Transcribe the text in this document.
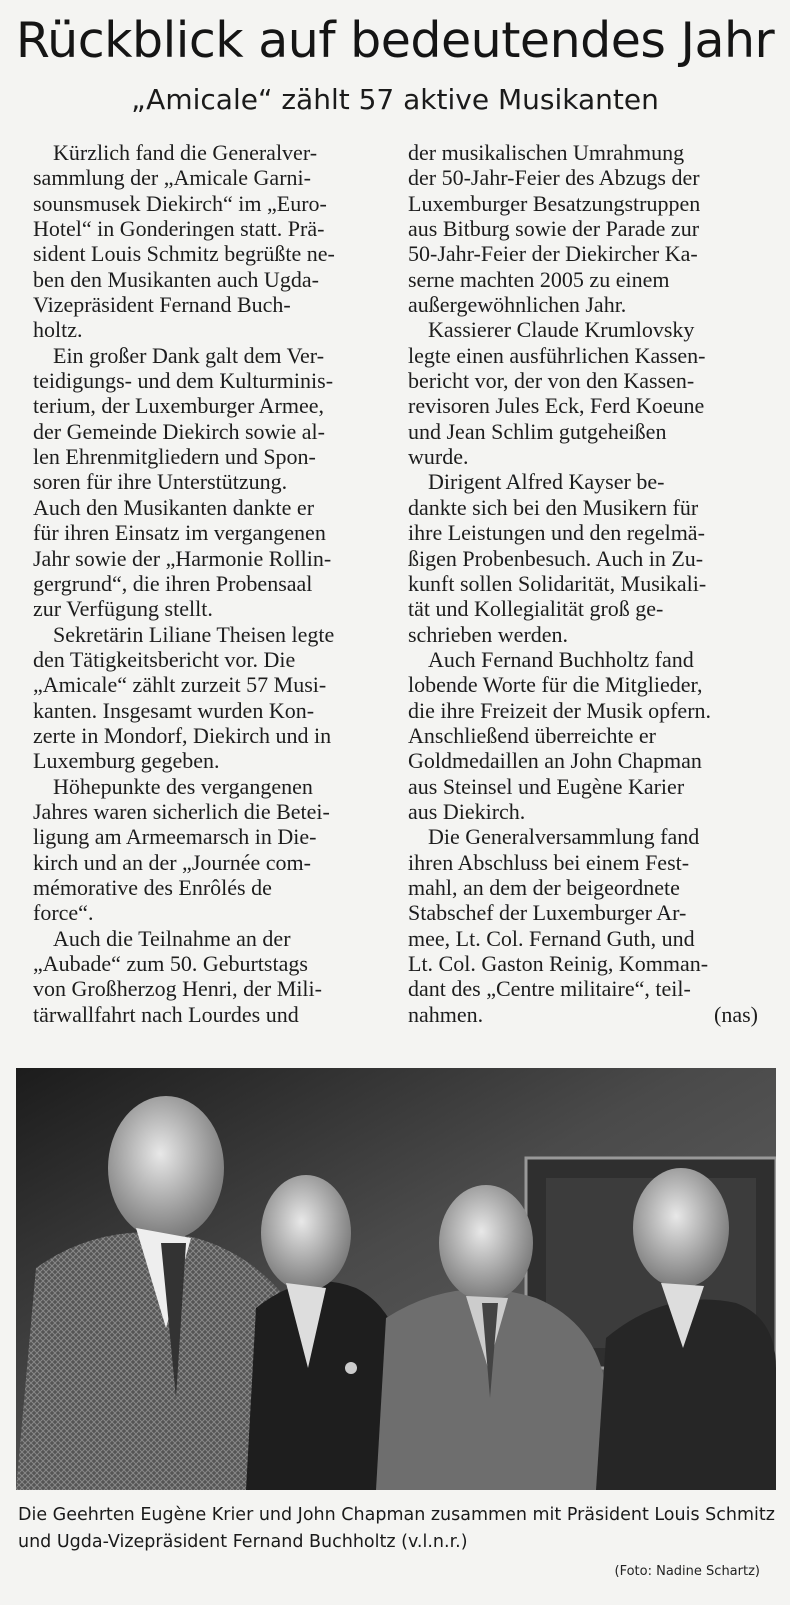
Rückblick auf bedeutendes Jahr
„Amicale“ zählt 57 aktive Musikanten
Kürzlich fand die Generalver-
sammlung der „Amicale Garni-
sounsmusek Diekirch“ im „Euro-
Hotel“ in Gonderingen statt. Prä-
sident Louis Schmitz begrüßte ne-
ben den Musikanten auch Ugda-
Vizepräsident Fernand Buch-
holtz.
Ein großer Dank galt dem Ver-
teidigungs- und dem Kulturminis-
terium, der Luxemburger Armee,
der Gemeinde Diekirch sowie al-
len Ehrenmitgliedern und Spon-
soren für ihre Unterstützung.
Auch den Musikanten dankte er
für ihren Einsatz im vergangenen
Jahr sowie der „Harmonie Rollin-
gergrund“, die ihren Probensaal
zur Verfügung stellt.
Sekretärin Liliane Theisen legte
den Tätigkeitsbericht vor. Die
„Amicale“ zählt zurzeit 57 Musi-
kanten. Insgesamt wurden Kon-
zerte in Mondorf, Diekirch und in
Luxemburg gegeben.
Höhepunkte des vergangenen
Jahres waren sicherlich die Betei-
ligung am Armeemarsch in Die-
kirch und an der „Journée com-
mémorative des Enrôlés de
force“.
Auch die Teilnahme an der
„Aubade“ zum 50. Geburtstags
von Großherzog Henri, der Mili-
tärwallfahrt nach Lourdes und
der musikalischen Umrahmung
der 50-Jahr-Feier des Abzugs der
Luxemburger Besatzungstruppen
aus Bitburg sowie der Parade zur
50-Jahr-Feier der Diekircher Ka-
serne machten 2005 zu einem
außergewöhnlichen Jahr.
Kassierer Claude Krumlovsky
legte einen ausführlichen Kassen-
bericht vor, der von den Kassen-
revisoren Jules Eck, Ferd Koeune
und Jean Schlim gutgeheißen
wurde.
Dirigent Alfred Kayser be-
dankte sich bei den Musikern für
ihre Leistungen und den regelmä-
ßigen Probenbesuch. Auch in Zu-
kunft sollen Solidarität, Musikali-
tät und Kollegialität groß ge-
schrieben werden.
Auch Fernand Buchholtz fand
lobende Worte für die Mitglieder,
die ihre Freizeit der Musik opfern.
Anschließend überreichte er
Goldmedaillen an John Chapman
aus Steinsel und Eugène Karier
aus Diekirch.
Die Generalversammlung fand
ihren Abschluss bei einem Fest-
mahl, an dem der beigeordnete
Stabschef der Luxemburger Ar-
mee, Lt. Col. Fernand Guth, und
Lt. Col. Gaston Reinig, Komman-
dant des „Centre militaire“, teil-
nahmen.	(nas)
Die Geehrten Eugène Krier und John Chapman zusammen mit Präsident Louis Schmitz
und Ugda-Vizepräsident Fernand Buchholtz (v.l.n.r.)
(Foto: Nadine Schartz)
